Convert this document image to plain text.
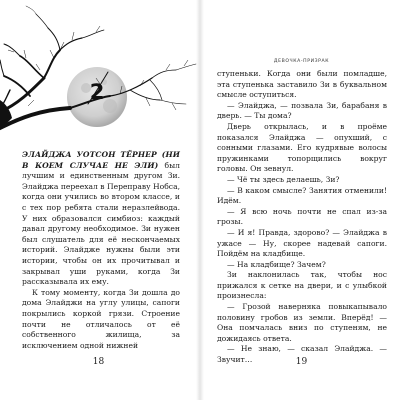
2

ЭЛАЙДЖА УОТСОН ТЁРНЕР (НИ В КОЕМ СЛУЧАЕ НЕ ЭЛИ) был лучшим и единственным другом Зи. Элайджа переехал в Переправу Нобса, когда они учились во втором классе, и с тех пор ребята стали неразлейвода. У них образовался симбиоз: каждый давал другому необходимое. Зи нужен был слушатель для её нескончаемых историй. Элайдже нужны были эти истории, чтобы он их прочитывал и закрывал уши руками, когда Зи рассказывала их ему.

К тому моменту, когда Зи дошла до дома Элайджи на углу улицы, сапоги покрылись коркой грязи. Строение почти не отличалось от её собственного жилища, за исключением одной нижней

18
ДЕВОЧКА-ПРИЗРАК

ступеньки. Когда они были помладше, эта ступенька заставило Зи в буквальном смысле оступиться.

— Элайджа, — позвала Зи, барабаня в дверь. — Ты дома?

Дверь открылась, и в проёме показался Элайджа — опухший, с сонными глазами. Его кудрявые волосы пружинками топорщились вокруг головы. Он зевнул.

— Чё ты здесь делаешь, Зи?

— В каком смысле? Занятия отменили! Идём.

— Я всю ночь почти не спал из-за грозы.

— И я! Правда, здорово? — Элайджа в ужасе — Ну, скорее надевай сапоги. Пойдём на кладбище.

— На кладбище? Зачем?

Зи наклонилась так, чтобы нос прижался к сетке на двери, и с улыбкой произнесла:

— Грозой наверняка повыкапывало половину гробов из земли. Вперёд! — Она помчалась вниз по ступеням, не дожидаясь ответа.

— Не знаю, — сказал Элайджа. — Звучит…	19
